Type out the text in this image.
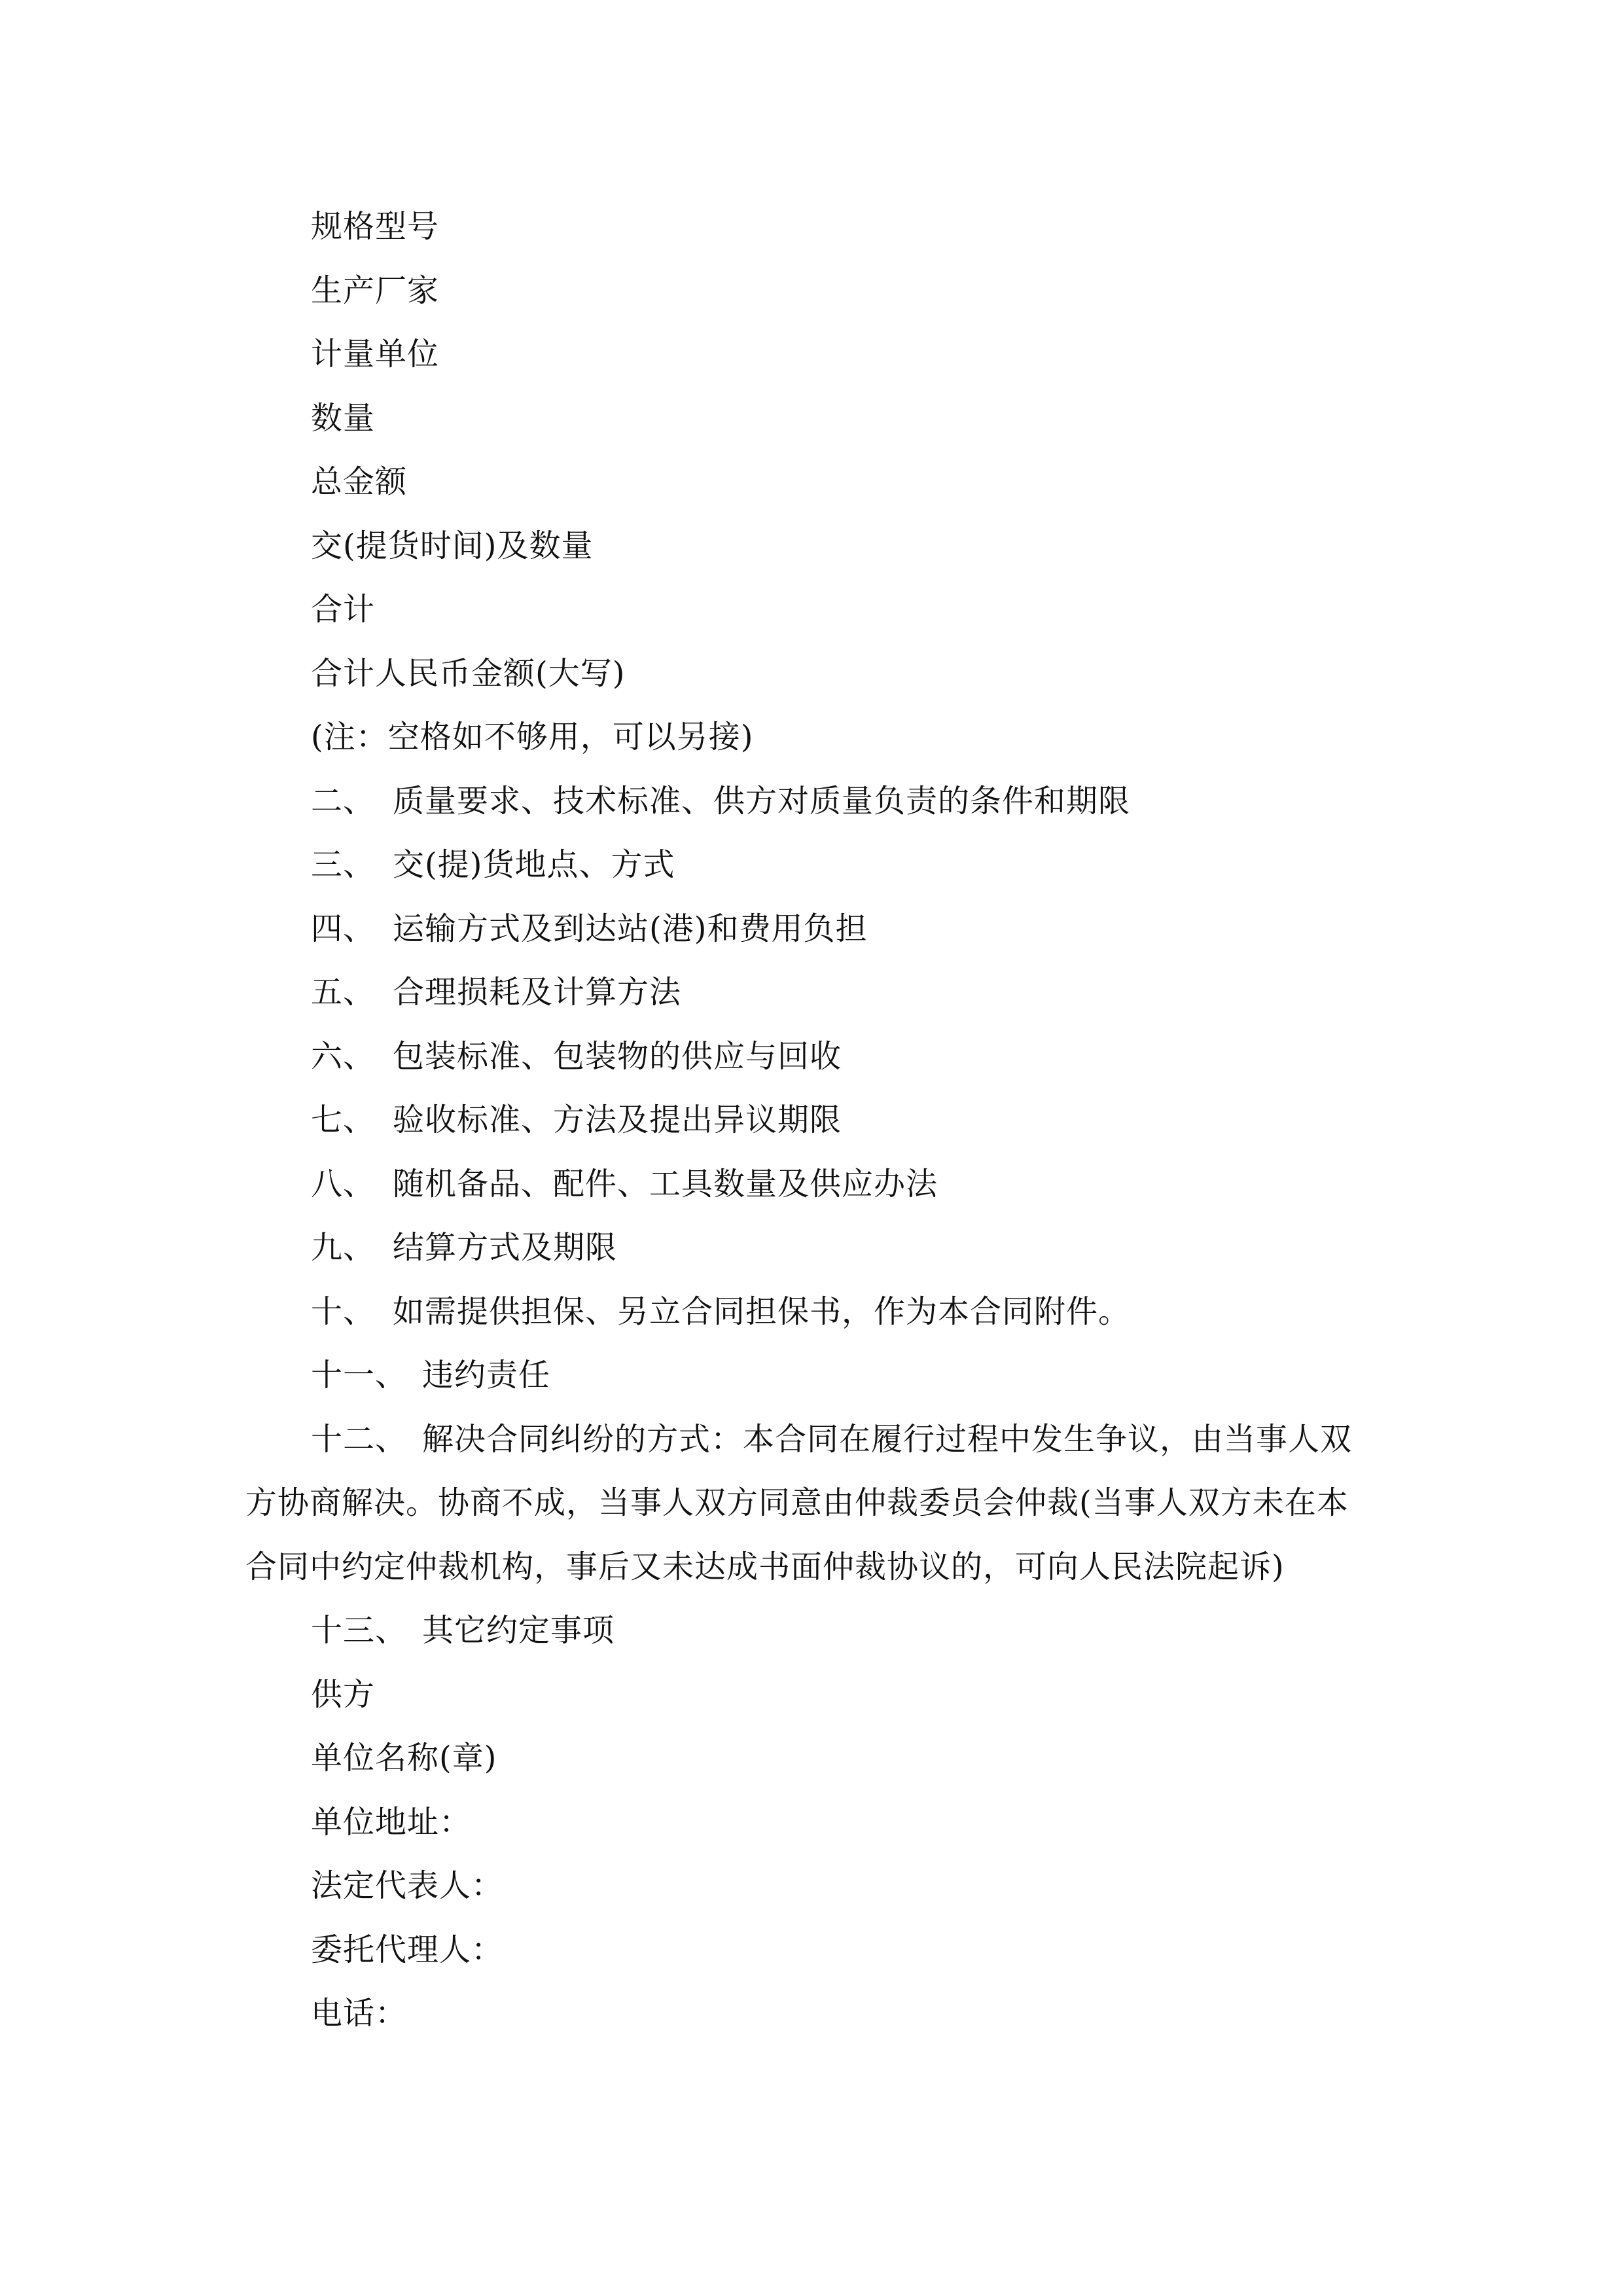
规格型号
生产厂家
计量单位
数量
总金额
交(提货时间)及数量
合计
合计人民币金额(大写)
(注：空格如不够用，可以另接)
二、 质量要求、技术标准、供方对质量负责的条件和期限
三、 交(提)货地点、方式
四、 运输方式及到达站(港)和费用负担
五、 合理损耗及计算方法
六、 包装标准、包装物的供应与回收
七、 验收标准、方法及提出异议期限
八、 随机备品、配件、工具数量及供应办法
九、 结算方式及期限
十、 如需提供担保、另立合同担保书，作为本合同附件。
十一、 违约责任
十二、 解决合同纠纷的方式：本合同在履行过程中发生争议，由当事人双
方协商解决。协商不成，当事人双方同意由仲裁委员会仲裁(当事人双方未在本
合同中约定仲裁机构，事后又未达成书面仲裁协议的，可向人民法院起诉)
十三、 其它约定事项
供方
单位名称(章)
单位地址：
法定代表人：
委托代理人：
电话：
